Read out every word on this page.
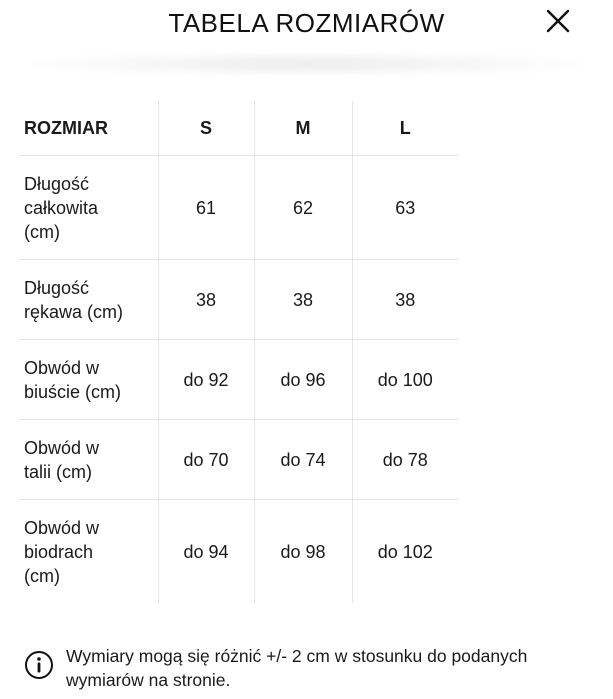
TABELA ROZMIARÓW
ROZMIAR	S	M	L
Długość
całkowita
(cm)	61	62	63
Długość
rękawa (cm)	38	38	38
Obwód w
biuście (cm)	do 92	do 96	do 100
Obwód w
talii (cm)	do 70	do 74	do 78
Obwód w
biodrach
(cm)	do 94	do 98	do 102
Wymiary mogą się różnić +/- 2 cm w stosunku do podanych wymiarów na stronie.
